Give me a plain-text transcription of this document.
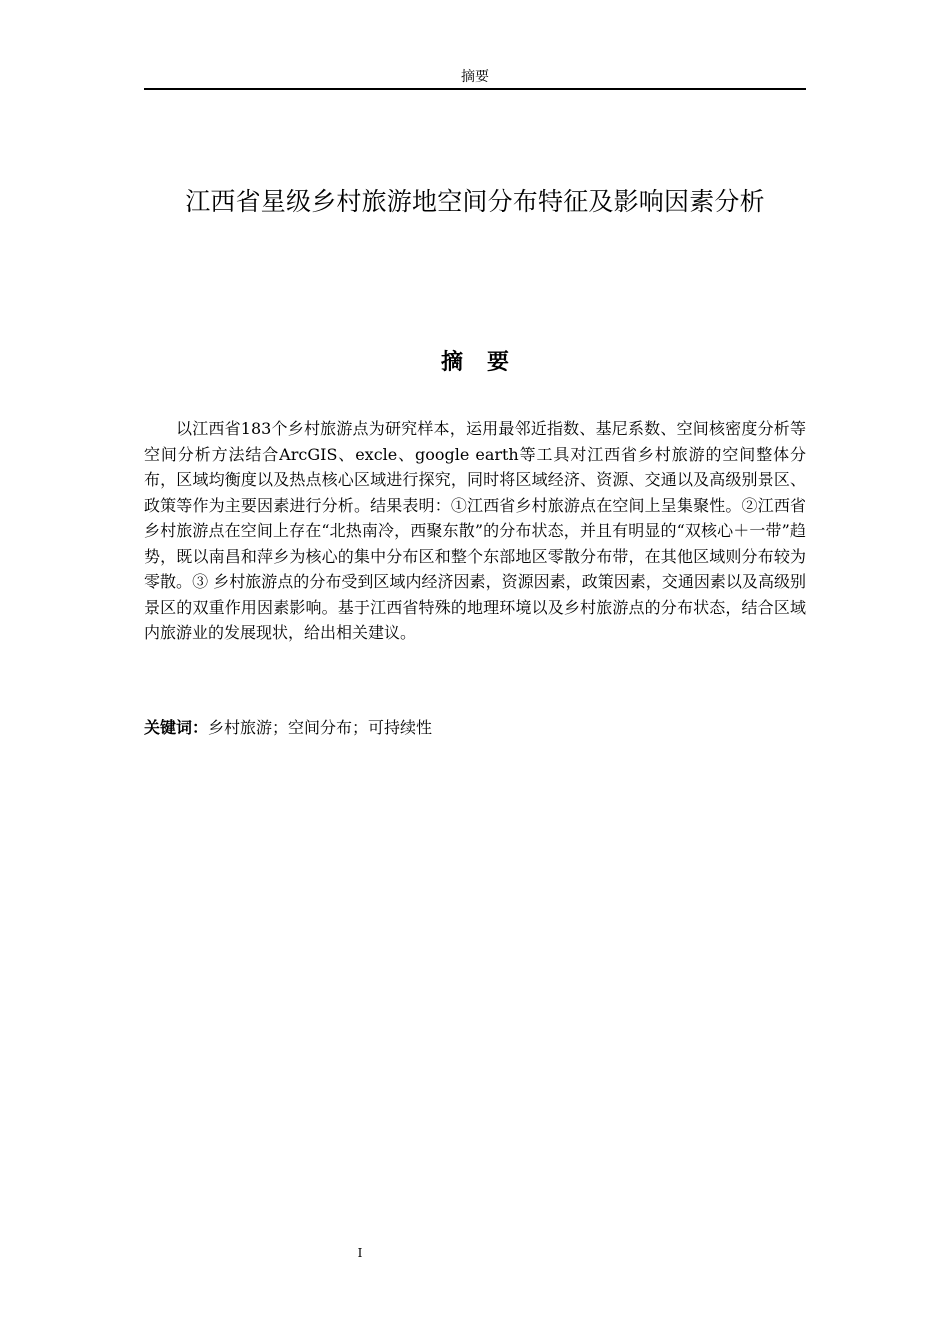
摘要
江西省星级乡村旅游地空间分布特征及影响因素分析
摘要

以江西省183个乡村旅游点为研究样本，运用最邻近指数、基尼系数、空间核密度分析等空间分析方法结合ArcGIS、excle、google earth等工具对江西省乡村旅游的空间整体分布，区域均衡度以及热点核心区域进行探究，同时将区域经济、资源、交通以及高级别景区、政策等作为主要因素进行分析。结果表明：①江西省乡村旅游点在空间上呈集聚性。②江西省乡村旅游点在空间上存在“北热南冷，西聚东散”的分布状态，并且有明显的“双核心＋一带”趋势，既以南昌和萍乡为核心的集中分布区和整个东部地区零散分布带，在其他区域则分布较为零散。③ 乡村旅游点的分布受到区域内经济因素，资源因素，政策因素，交通因素以及高级别景区的双重作用因素影响。基于江西省特殊的地理环境以及乡村旅游点的分布状态，结合区域内旅游业的发展现状，给出相关建议。

关键词：乡村旅游；空间分布；可持续性

I
